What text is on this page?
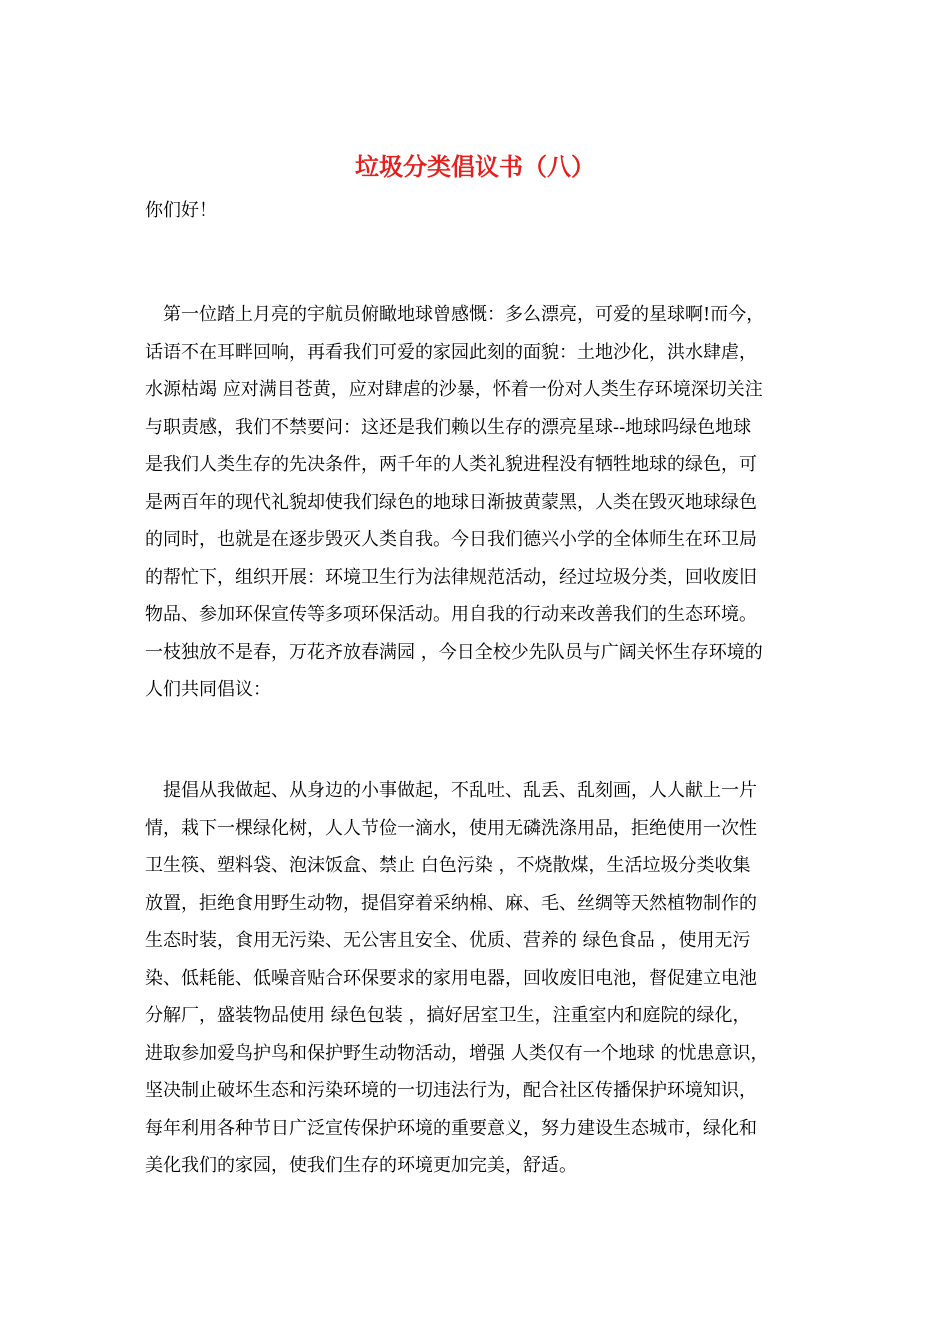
垃圾分类倡议书（八）

你们好！

　第一位踏上月亮的宇航员俯瞰地球曾感慨：多么漂亮，可爱的星球啊!而今，
话语不在耳畔回响，再看我们可爱的家园此刻的面貌：土地沙化，洪水肆虐，
水源枯竭 应对满目苍黄，应对肆虐的沙暴，怀着一份对人类生存环境深切关注
与职责感，我们不禁要问：这还是我们赖以生存的漂亮星球--地球吗绿色地球
是我们人类生存的先决条件，两千年的人类礼貌进程没有牺牲地球的绿色，可
是两百年的现代礼貌却使我们绿色的地球日渐披黄蒙黑，人类在毁灭地球绿色
的同时，也就是在逐步毁灭人类自我。今日我们德兴小学的全体师生在环卫局
的帮忙下，组织开展：环境卫生行为法律规范活动，经过垃圾分类，回收废旧
物品、参加环保宣传等多项环保活动。用自我的行动来改善我们的生态环境。
一枝独放不是春，万花齐放春满园 ，今日全校少先队员与广阔关怀生存环境的
人们共同倡议：

　提倡从我做起、从身边的小事做起，不乱吐、乱丢、乱刻画，人人献上一片
情，栽下一棵绿化树，人人节俭一滴水，使用无磷洗涤用品，拒绝使用一次性
卫生筷、塑料袋、泡沫饭盒、禁止 白色污染 ，不烧散煤，生活垃圾分类收集
放置，拒绝食用野生动物，提倡穿着采纳棉、麻、毛、丝绸等天然植物制作的
生态时装，食用无污染、无公害且安全、优质、营养的 绿色食品 ，使用无污
染、低耗能、低噪音贴合环保要求的家用电器，回收废旧电池，督促建立电池
分解厂，盛装物品使用 绿色包装 ，搞好居室卫生，注重室内和庭院的绿化，
进取参加爱鸟护鸟和保护野生动物活动，增强 人类仅有一个地球 的忧患意识，
坚决制止破坏生态和污染环境的一切违法行为，配合社区传播保护环境知识，
每年利用各种节日广泛宣传保护环境的重要意义，努力建设生态城市，绿化和
美化我们的家园，使我们生存的环境更加完美，舒适。
